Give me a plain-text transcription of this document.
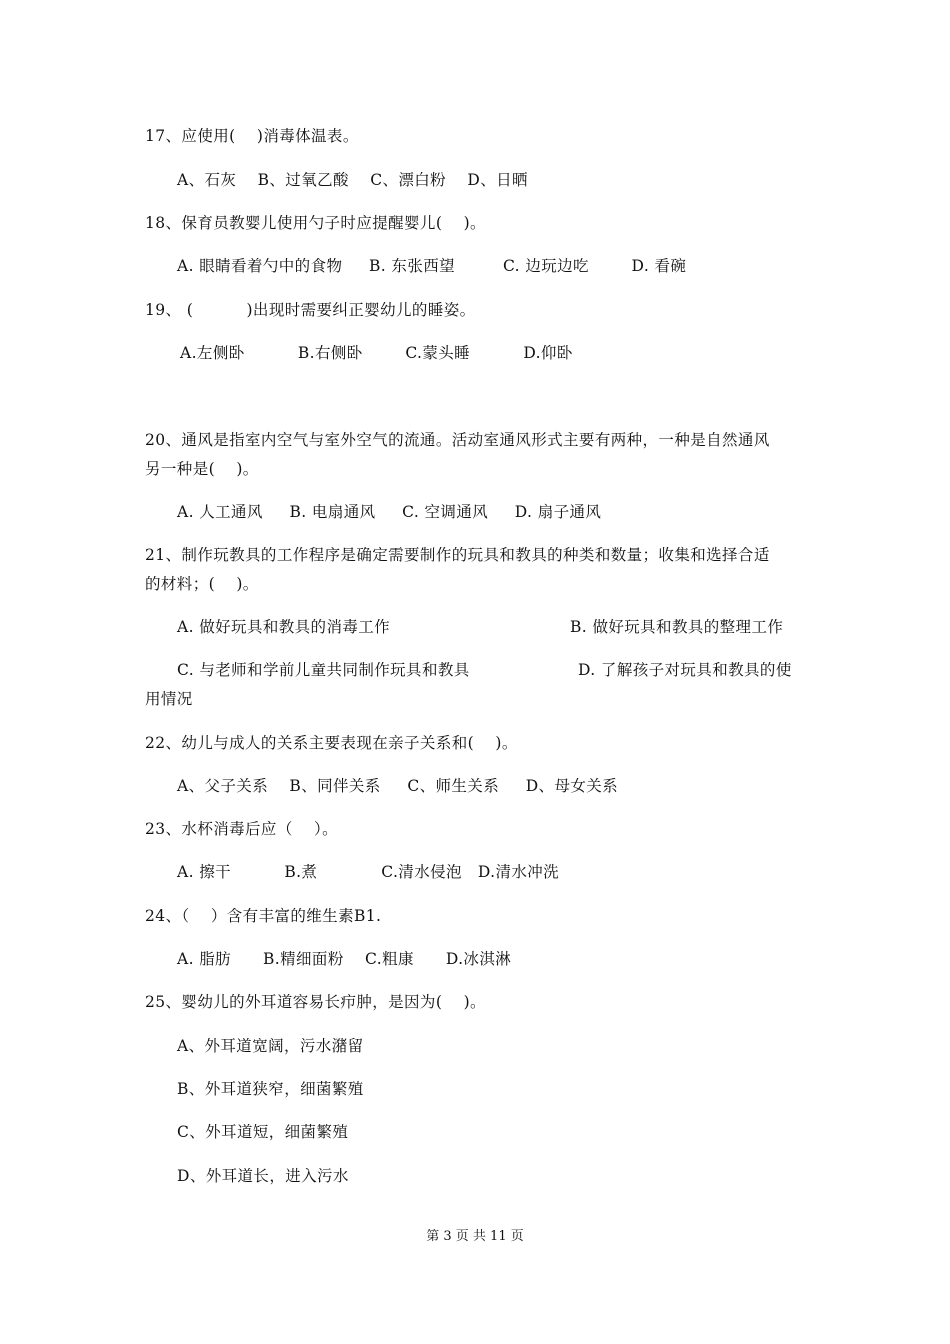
17、应使用(    )消毒体温表。
A、石灰    B、过氧乙酸    C、漂白粉    D、日晒
18、保育员教婴儿使用勺子时应提醒婴儿(    )。
A. 眼睛看着勺中的食物     B. 东张西望         C. 边玩边吃        D. 看碗
19、 (          )出现时需要纠正婴幼儿的睡姿。
A.左侧卧          B.右侧卧        C.蒙头睡          D.仰卧
20、通风是指室内空气与室外空气的流通。活动室通风形式主要有两种，一种是自然通风
另一种是(    )。
A. 人工通风     B. 电扇通风     C. 空调通风     D. 扇子通风
21、制作玩教具的工作程序是确定需要制作的玩具和教具的种类和数量；收集和选择合适
的材料；(    )。
A. 做好玩具和教具的消毒工作	B. 做好玩具和教具的整理工作
C. 与老师和学前儿童共同制作玩具和教具	D. 了解孩子对玩具和教具的使
用情况
22、幼儿与成人的关系主要表现在亲子关系和(    )。
A、父子关系    B、同伴关系     C、师生关系     D、母女关系
23、水杯消毒后应（    ）。
A. 擦干          B.煮            C.清水侵泡   D.清水冲洗
24、（    ）含有丰富的维生素B1.
A. 脂肪      B.精细面粉    C.粗康      D.冰淇淋
25、婴幼儿的外耳道容易长疖肿，是因为(    )。
A、外耳道宽阔，污水潴留
B、外耳道狭窄，细菌繁殖
C、外耳道短，细菌繁殖
D、外耳道长，进入污水
第 3 页 共 11 页
